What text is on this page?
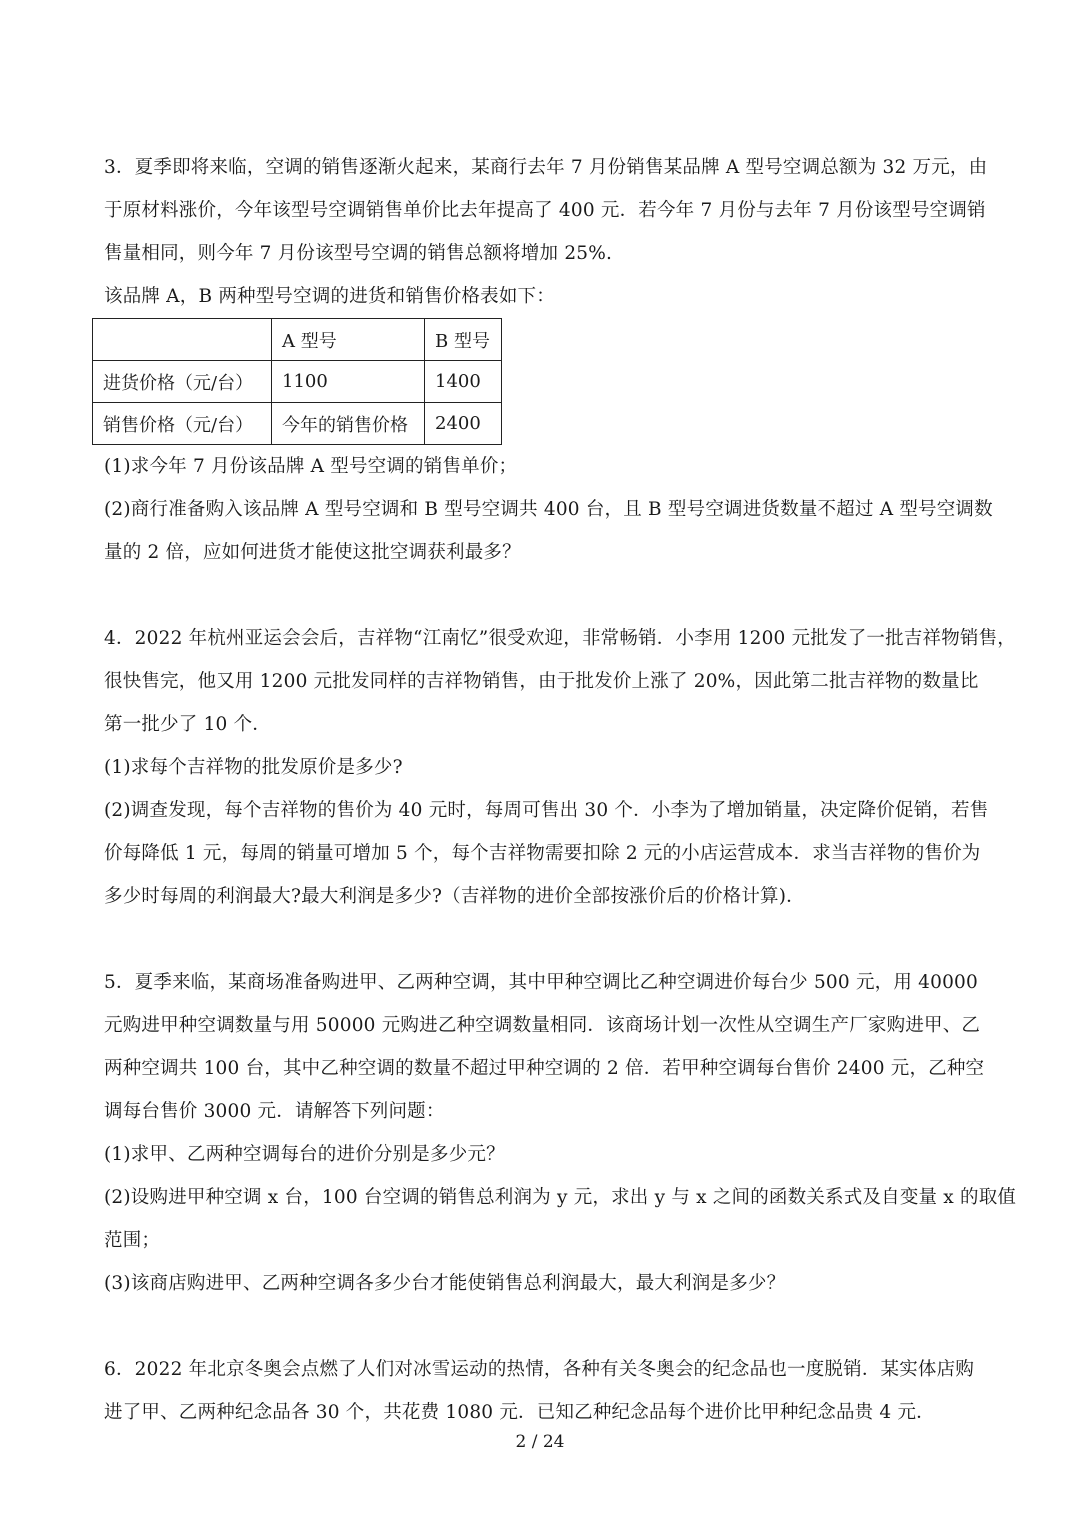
3．夏季即将来临，空调的销售逐渐火起来，某商行去年 7 月份销售某品牌 A 型号空调总额为 32 万元，由
于原材料涨价，今年该型号空调销售单价比去年提高了 400 元．若今年 7 月份与去年 7 月份该型号空调销
售量相同，则今年 7 月份该型号空调的销售总额将增加 25%.
该品牌 A，B 两种型号空调的进货和销售价格表如下：
	A 型号	B 型号
进货价格（元/台）	1100	1400
销售价格（元/台）	今年的销售价格	2400
(1)求今年 7 月份该品牌 A 型号空调的销售单价；
(2)商行准备购入该品牌 A 型号空调和 B 型号空调共 400 台，且 B 型号空调进货数量不超过 A 型号空调数
量的 2 倍，应如何进货才能使这批空调获利最多？
4．2022 年杭州亚运会会后，吉祥物“江南忆”很受欢迎，非常畅销．小李用 1200 元批发了一批吉祥物销售，
很快售完，他又用 1200 元批发同样的吉祥物销售，由于批发价上涨了 20%，因此第二批吉祥物的数量比
第一批少了 10 个．
(1)求每个吉祥物的批发原价是多少?
(2)调查发现，每个吉祥物的售价为 40 元时，每周可售出 30 个．小李为了增加销量，决定降价促销，若售
价每降低 1 元，每周的销量可增加 5 个，每个吉祥物需要扣除 2 元的小店运营成本．求当吉祥物的售价为
多少时每周的利润最大?最大利润是多少?（吉祥物的进价全部按涨价后的价格计算)．
5．夏季来临，某商场准备购进甲、乙两种空调，其中甲种空调比乙种空调进价每台少 500 元，用 40000
元购进甲种空调数量与用 50000 元购进乙种空调数量相同．该商场计划一次性从空调生产厂家购进甲、乙
两种空调共 100 台，其中乙种空调的数量不超过甲种空调的 2 倍．若甲种空调每台售价 2400 元，乙种空
调每台售价 3000 元．请解答下列问题：
(1)求甲、乙两种空调每台的进价分别是多少元？
(2)设购进甲种空调 x 台，100 台空调的销售总利润为 y 元，求出 y 与 x 之间的函数关系式及自变量 x 的取值
范围；
(3)该商店购进甲、乙两种空调各多少台才能使销售总利润最大，最大利润是多少？
6．2022 年北京冬奥会点燃了人们对冰雪运动的热情，各种有关冬奥会的纪念品也一度脱销．某实体店购
进了甲、乙两种纪念品各 30 个，共花费 1080 元．已知乙种纪念品每个进价比甲种纪念品贵 4 元．
2 / 24
